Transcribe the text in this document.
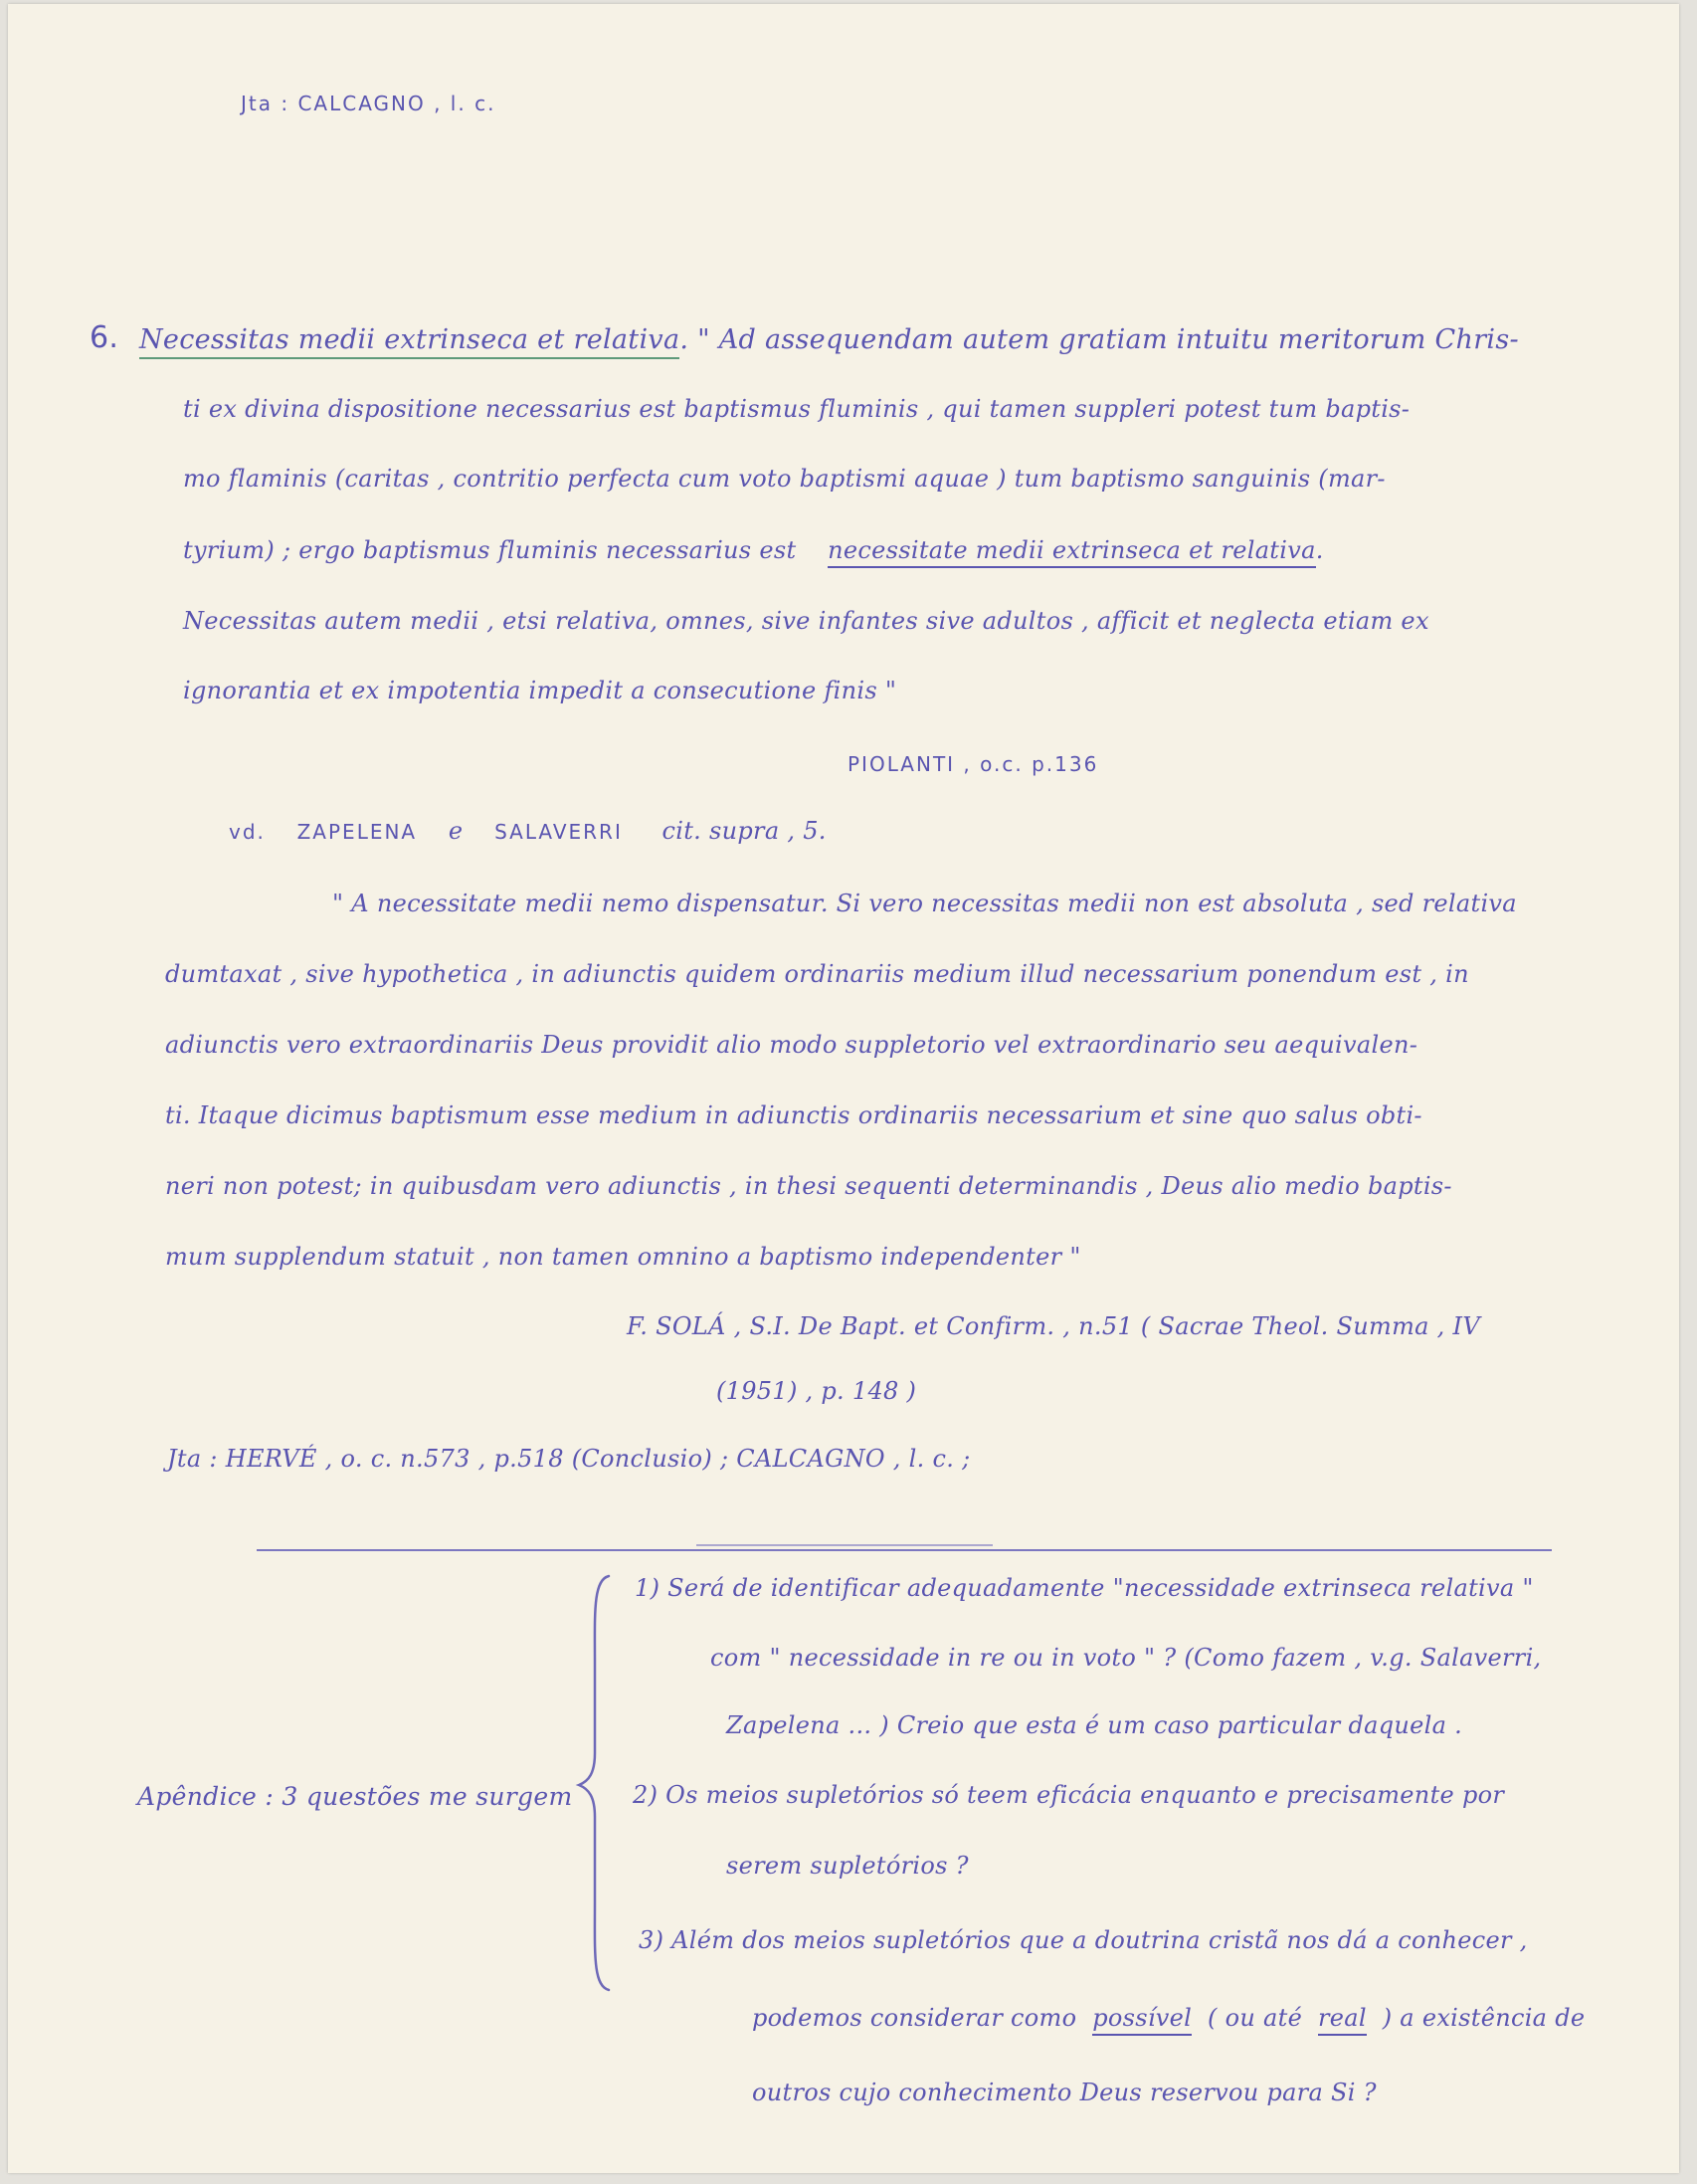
Jta : CALCAGNO , l. c.
6. Necessitas medii extrinseca et relativa. " Ad assequendam autem gratiam intuitu meritorum Chris-
ti ex divina dispositione necessarius est baptismus fluminis , qui tamen suppleri potest tum baptis-
mo flaminis (caritas , contritio perfecta cum voto baptismi aquae ) tum baptismo sanguinis (mar-
tyrium) ; ergo baptismus fluminis necessarius est necessitate medii extrinseca et relativa.
Necessitas autem medii , etsi relativa, omnes, sive infantes sive adultos , afficit et neglecta etiam ex
ignorantia et ex impotentia impedit a consecutione finis "
PIOLANTI , o.c. p.136
vd. ZAPELENA e SALAVERRI cit. supra , 5.
" A necessitate medii nemo dispensatur. Si vero necessitas medii non est absoluta , sed relativa
dumtaxat , sive hypothetica , in adiunctis quidem ordinariis medium illud necessarium ponendum est , in
adiunctis vero extraordinariis Deus providit alio modo suppletorio vel extraordinario seu aequivalen-
ti. Itaque dicimus baptismum esse medium in adiunctis ordinariis necessarium et sine quo salus obti-
neri non potest; in quibusdam vero adiunctis , in thesi sequenti determinandis , Deus alio medio baptis-
mum supplendum statuit , non tamen omnino a baptismo independenter "
F. SOLÁ , S.I. De Bapt. et Confirm. , n.51 ( Sacrae Theol. Summa , IV
(1951) , p. 148 )
Jta : HERVÉ , o. c. n.573 , p.518 (Conclusio) ; CALCAGNO , l. c. ;
Apêndice : 3 questões me surgem
1) Será de identificar adequadamente "necessidade extrinseca relativa "
com " necessidade in re ou in voto " ? (Como fazem , v.g. Salaverri,
Zapelena ... ) Creio que esta é um caso particular daquela .
2) Os meios supletórios só teem eficácia enquanto e precisamente por
serem supletórios ?
3) Além dos meios supletórios que a doutrina cristã nos dá a conhecer ,
podemos considerar como possível ( ou até real ) a existência de
outros cujo conhecimento Deus reservou para Si ?
